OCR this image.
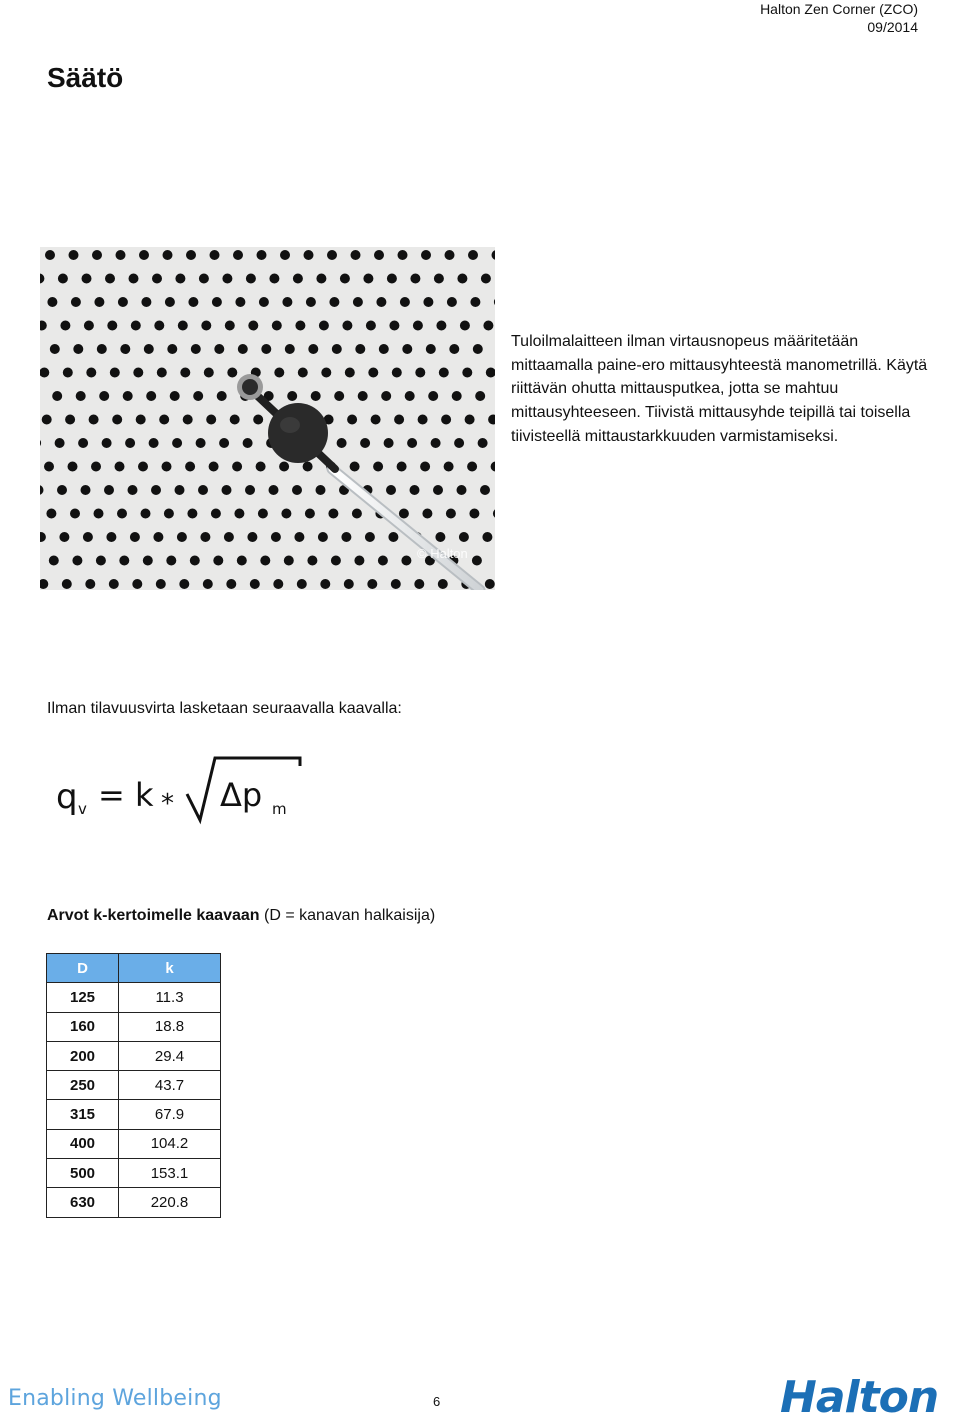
Halton Zen Corner (ZCO)
09/2014
Säätö
© Halton
Tuloilmalaitteen ilman virtausnopeus määritetään mittaamalla paine-ero mittausyhteestä manometrillä. Käytä riittävän ohutta mittausputkea, jotta se mahtuu mittausyhteeseen. Tiivistä mittausyhde teipillä tai toisella tiivisteellä mittaustarkkuuden varmistamiseksi.
Ilman tilavuusvirta lasketaan seuraavalla kaavalla:
q v = k * Δp m
Arvot k-kertoimelle kaavaan (D = kanavan halkaisija)
D	k
125	11.3
160	18.8
200	29.4
250	43.7
315	67.9
400	104.2
500	153.1
630	220.8
Enabling Wellbeing	6	Halton
